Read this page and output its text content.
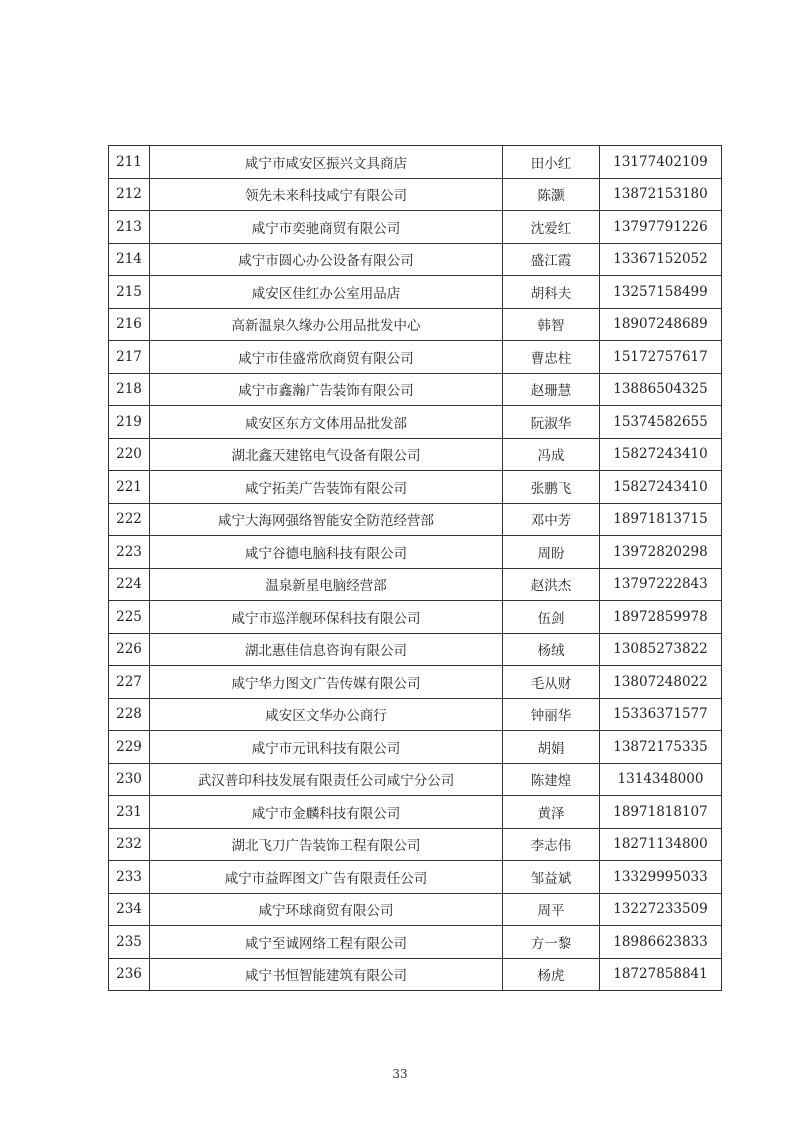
211	咸宁市咸安区振兴文具商店	田小红	13177402109
212	领先未来科技咸宁有限公司	陈灏	13872153180
213	咸宁市奕驰商贸有限公司	沈爱红	13797791226
214	咸宁市圆心办公设备有限公司	盛江霞	13367152052
215	咸安区佳红办公室用品店	胡科夫	13257158499
216	高新温泉久缘办公用品批发中心	韩智	18907248689
217	咸宁市佳盛常欣商贸有限公司	曹忠柱	15172757617
218	咸宁市鑫瀚广告装饰有限公司	赵珊慧	13886504325
219	咸安区东方文体用品批发部	阮淑华	15374582655
220	湖北鑫天建铭电气设备有限公司	冯成	15827243410
221	咸宁拓美广告装饰有限公司	张鹏飞	15827243410
222	咸宁大海网强络智能安全防范经营部	邓中芳	18971813715
223	咸宁谷德电脑科技有限公司	周盼	13972820298
224	温泉新星电脑经营部	赵洪杰	13797222843
225	咸宁市巡洋舰环保科技有限公司	伍剑	18972859978
226	湖北惠佳信息咨询有限公司	杨绒	13085273822
227	咸宁华力图文广告传媒有限公司	毛从财	13807248022
228	咸安区文华办公商行	钟丽华	15336371577
229	咸宁市元讯科技有限公司	胡娟	13872175335
230	武汉普印科技发展有限责任公司咸宁分公司	陈建煌	1314348000
231	咸宁市金麟科技有限公司	黄泽	18971818107
232	湖北飞刀广告装饰工程有限公司	李志伟	18271134800
233	咸宁市益晖图文广告有限责任公司	邹益斌	13329995033
234	咸宁环球商贸有限公司	周平	13227233509
235	咸宁至诚网络工程有限公司	方一黎	18986623833
236	咸宁书恒智能建筑有限公司	杨虎	18727858841
33
